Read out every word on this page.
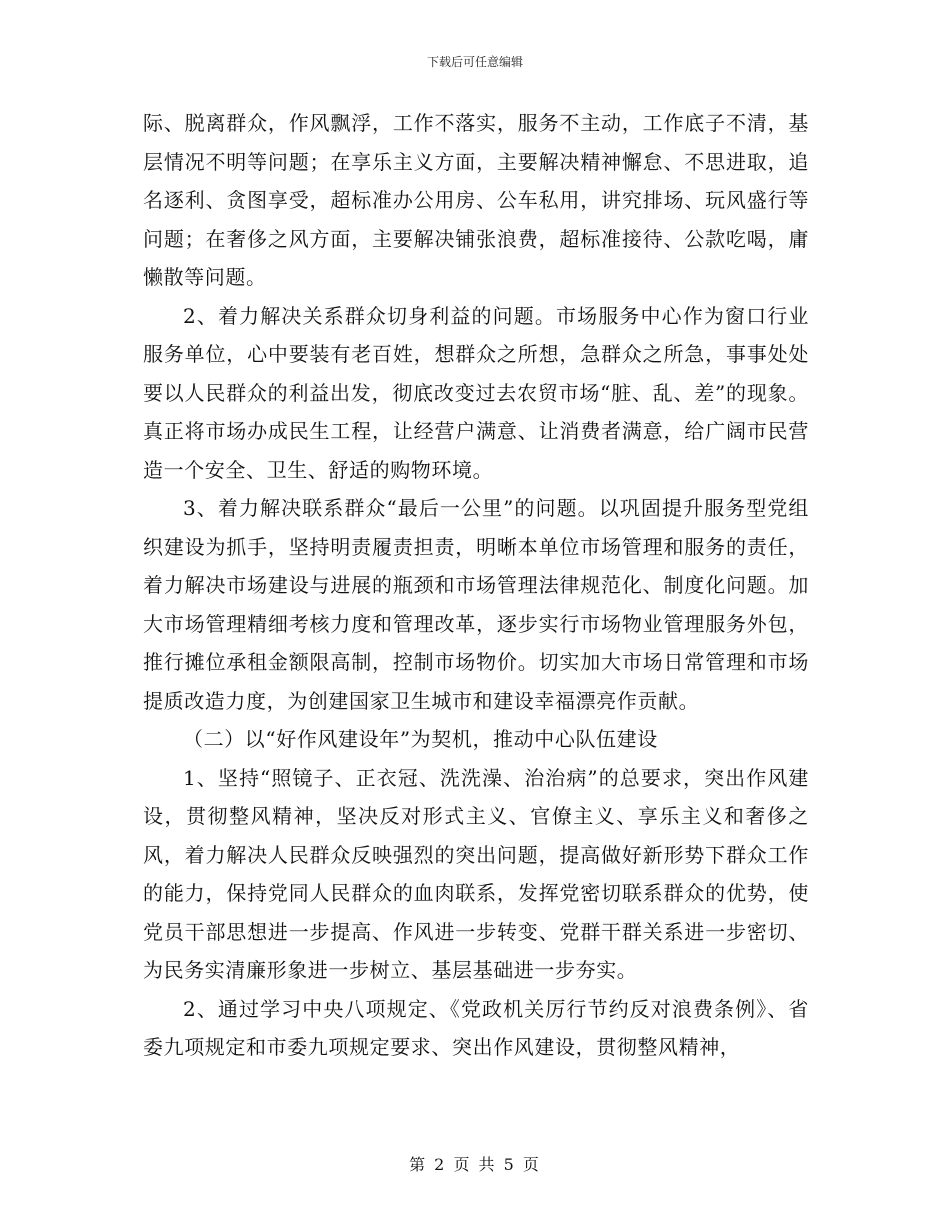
下载后可任意编辑

际、脱离群众，作风飘浮，工作不落实，服务不主动，工作底子不清，基层情况不明等问题；在享乐主义方面，主要解决精神懈怠、不思进取，追名逐利、贪图享受，超标准办公用房、公车私用，讲究排场、玩风盛行等问题；在奢侈之风方面，主要解决铺张浪费，超标准接待、公款吃喝，庸懒散等问题。

2、着力解决关系群众切身利益的问题。市场服务中心作为窗口行业服务单位，心中要装有老百姓，想群众之所想，急群众之所急，事事处处要以人民群众的利益出发，彻底改变过去农贸市场“脏、乱、差”的现象。真正将市场办成民生工程，让经营户满意、让消费者满意，给广阔市民营造一个安全、卫生、舒适的购物环境。

3、着力解决联系群众“最后一公里”的问题。以巩固提升服务型党组织建设为抓手，坚持明责履责担责，明晰本单位市场管理和服务的责任，着力解决市场建设与进展的瓶颈和市场管理法律规范化、制度化问题。加大市场管理精细考核力度和管理改革，逐步实行市场物业管理服务外包，推行摊位承租金额限高制，控制市场物价。切实加大市场日常管理和市场提质改造力度，为创建国家卫生城市和建设幸福漂亮作贡献。

（二）以“好作风建设年”为契机，推动中心队伍建设

1、坚持“照镜子、正衣冠、洗洗澡、治治病”的总要求，突出作风建设，贯彻整风精神，坚决反对形式主义、官僚主义、享乐主义和奢侈之风，着力解决人民群众反映强烈的突出问题，提高做好新形势下群众工作的能力，保持党同人民群众的血肉联系，发挥党密切联系群众的优势，使党员干部思想进一步提高、作风进一步转变、党群干群关系进一步密切、为民务实清廉形象进一步树立、基层基础进一步夯实。

2、通过学习中央八项规定、《党政机关厉行节约反对浪费条例》、省委九项规定和市委九项规定要求、突出作风建设，贯彻整风精神，

第 2 页 共 5 页
